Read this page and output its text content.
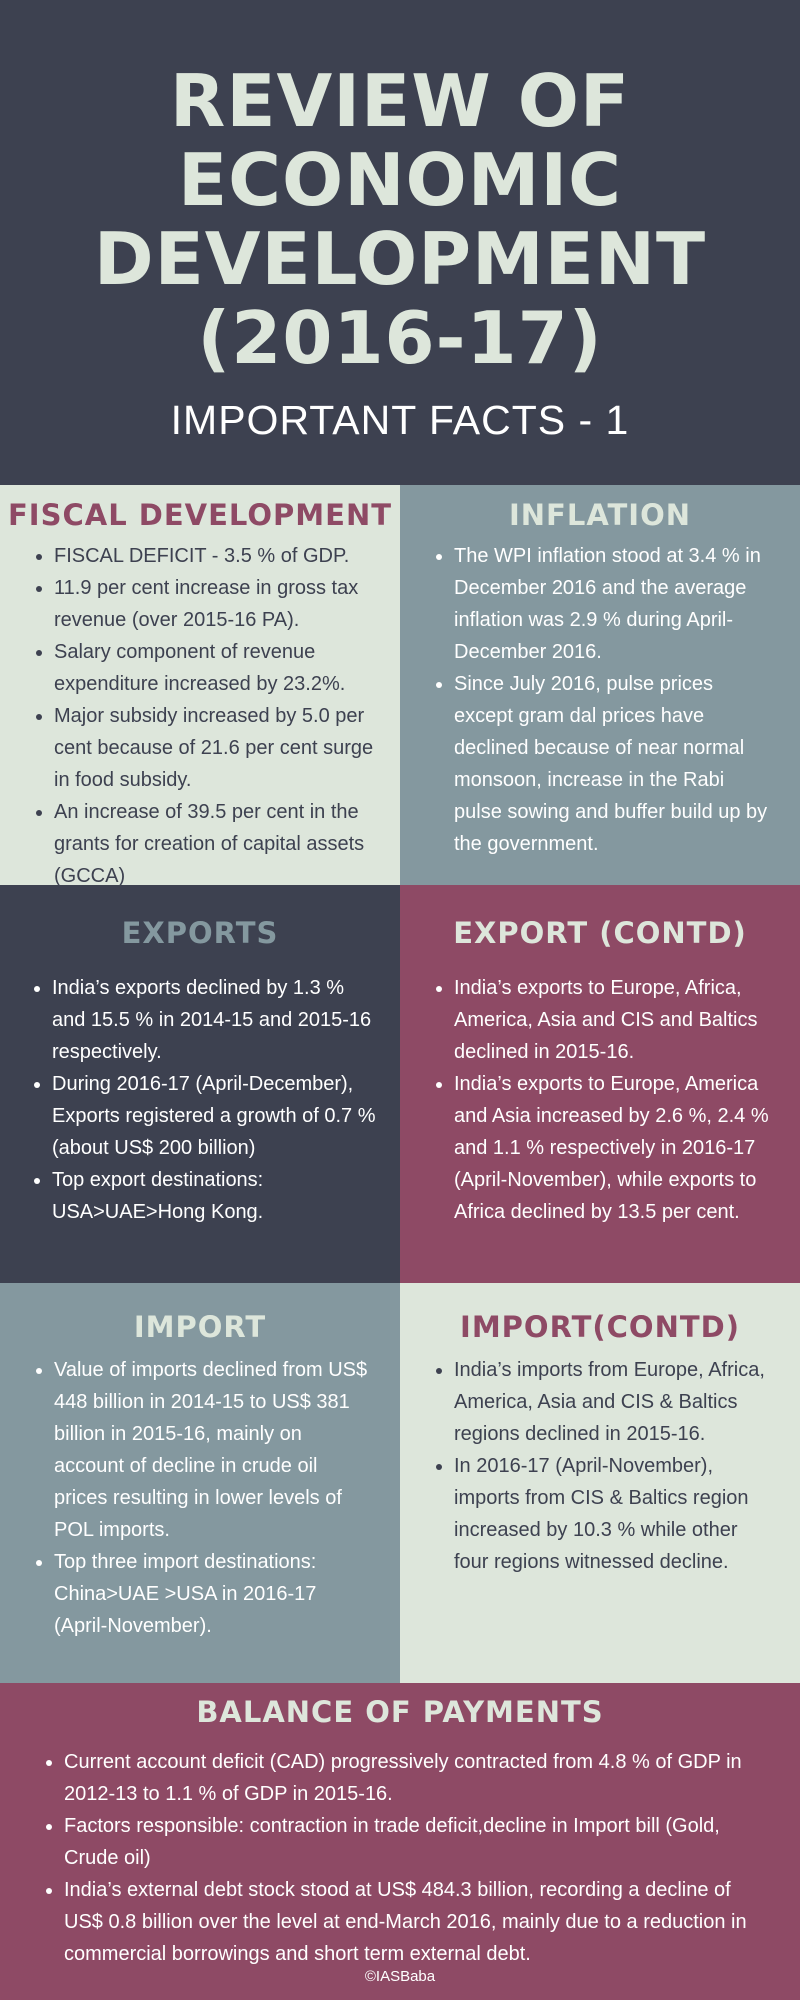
REVIEW OF
ECONOMIC
DEVELOPMENT
(2016-17)
IMPORTANT FACTS - 1
FISCAL DEVELOPMENT
• FISCAL DEFICIT - 3.5 % of GDP.
• 11.9 per cent increase in gross tax revenue (over 2015-16 PA).
• Salary component of revenue expenditure increased by 23.2%.
• Major subsidy increased by 5.0 per cent because of 21.6 per cent surge in food subsidy.
• An increase of 39.5 per cent in the grants for creation of capital assets (GCCA)
INFLATION
• The WPI inflation stood at 3.4 % in December 2016 and the average inflation was 2.9 % during April- December 2016.
• Since July 2016, pulse prices except gram dal prices have declined because of near normal monsoon, increase in the Rabi pulse sowing and buffer build up by the government.
EXPORTS
• India’s exports declined by 1.3 % and 15.5 % in 2014-15 and 2015-16 respectively.
• During 2016-17 (April-December), Exports registered a growth of 0.7 % (about US$ 200 billion)
• Top export destinations: USA>UAE>Hong Kong.
EXPORT (CONTD)
• India’s exports to Europe, Africa, America, Asia and CIS and Baltics declined in 2015-16.
• India’s exports to Europe, America and Asia increased by 2.6 %, 2.4 % and 1.1 % respectively in 2016-17 (April-November), while exports to Africa declined by 13.5 per cent.
IMPORT
• Value of imports declined from US$ 448 billion in 2014-15 to US$ 381 billion in 2015-16, mainly on account of decline in crude oil prices resulting in lower levels of POL imports.
• Top three import destinations: China>UAE >USA in 2016-17 (April-November).
IMPORT(CONTD)
• India’s imports from Europe, Africa, America, Asia and CIS & Baltics regions declined in 2015-16.
• In 2016-17 (April-November), imports from CIS & Baltics region increased by 10.3 % while other four regions witnessed decline.
BALANCE OF PAYMENTS
• Current account deficit (CAD) progressively contracted from 4.8 % of GDP in 2012-13 to 1.1 % of GDP in 2015-16.
• Factors responsible: contraction in trade deficit,decline in Import bill (Gold, Crude oil)
• India’s external debt stock stood at US$ 484.3 billion, recording a decline of US$ 0.8 billion over the level at end-March 2016, mainly due to a reduction in commercial borrowings and short term external debt.
©IASBaba
